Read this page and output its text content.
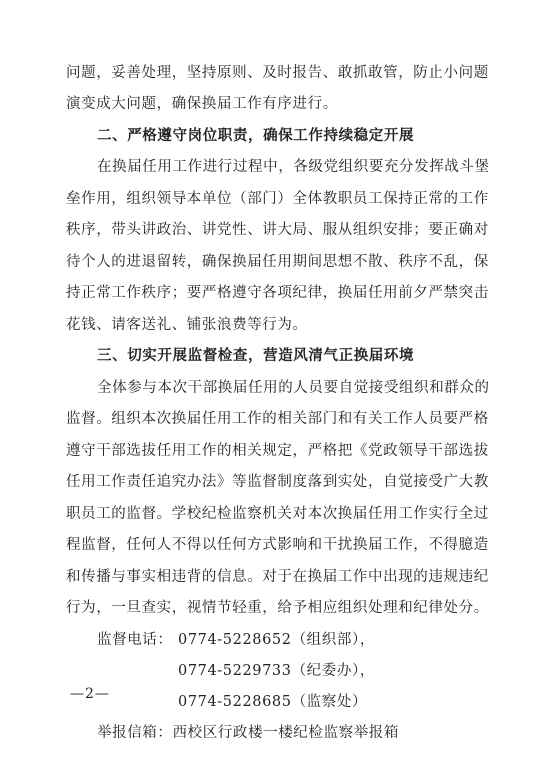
问题，妥善处理，坚持原则、及时报告、敢抓敢管，防止小问题
演变成大问题，确保换届工作有序进行。
二、严格遵守岗位职责，确保工作持续稳定开展
在换届任用工作进行过程中，各级党组织要充分发挥战斗堡
垒作用，组织领导本单位（部门）全体教职员工保持正常的工作
秩序，带头讲政治、讲党性、讲大局、服从组织安排；要正确对
待个人的进退留转，确保换届任用期间思想不散、秩序不乱，保
持正常工作秩序；要严格遵守各项纪律，换届任用前夕严禁突击
花钱、请客送礼、铺张浪费等行为。
三、切实开展监督检查，营造风清气正换届环境
全体参与本次干部换届任用的人员要自觉接受组织和群众的
监督。组织本次换届任用工作的相关部门和有关工作人员要严格
遵守干部选拔任用工作的相关规定，严格把《党政领导干部选拔
任用工作责任追究办法》等监督制度落到实处，自觉接受广大教
职员工的监督。学校纪检监察机关对本次换届任用工作实行全过
程监督，任何人不得以任何方式影响和干扰换届工作，不得臆造
和传播与事实相违背的信息。对于在换届工作中出现的违规违纪
行为，一旦查实，视情节轻重，给予相应组织处理和纪律处分。
监督电话： 0774-5228652（组织部），
0774-5229733（纪委办），
0774-5228685（监察处）
举报信箱：西校区行政楼一楼纪检监察举报箱
—2—
